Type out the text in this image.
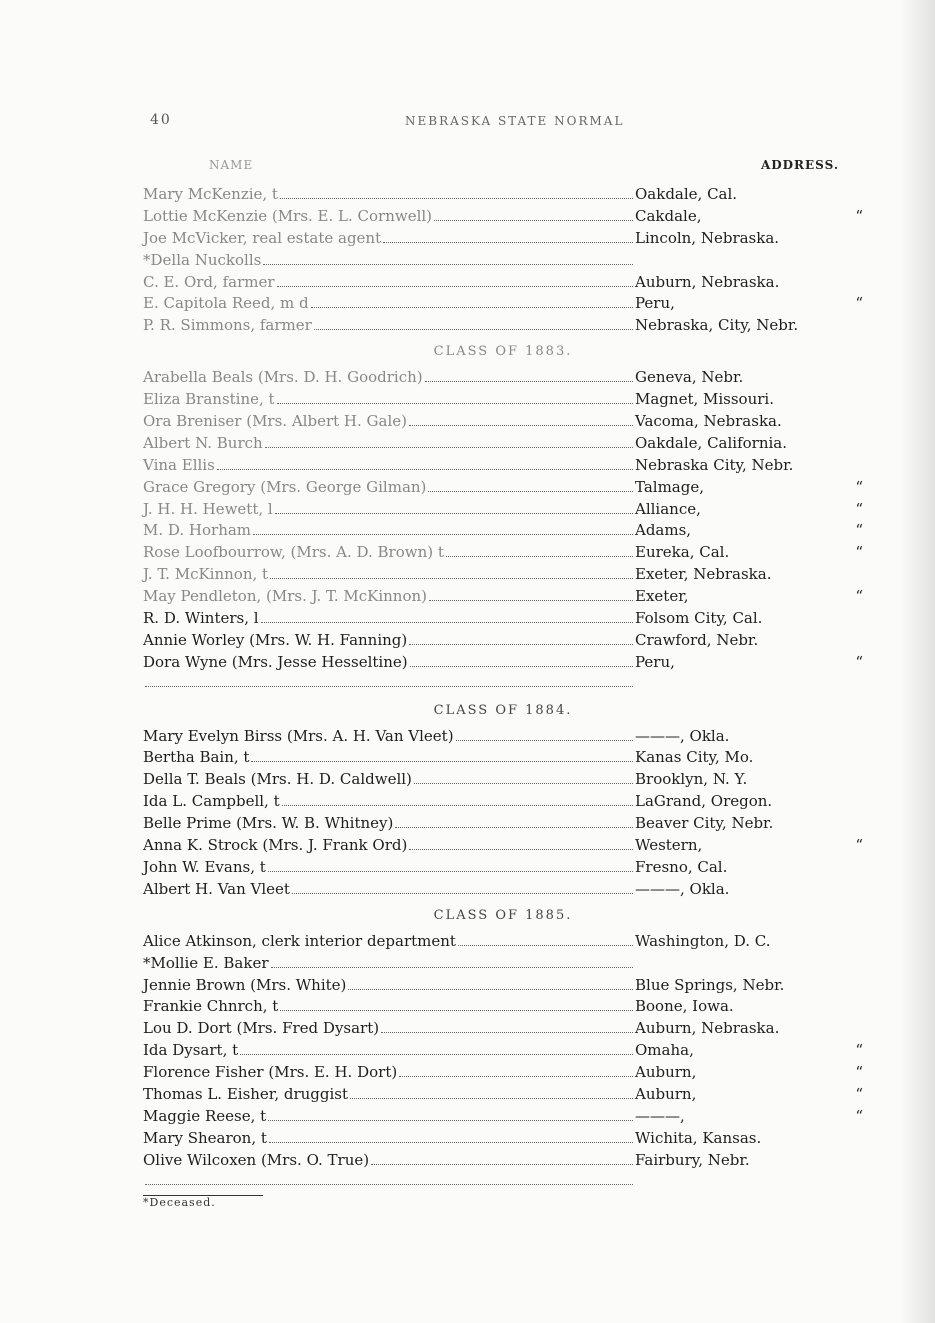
40	NEBRASKA STATE NORMAL
NAME	ADDRESS.
Mary McKenzie, t	Oakdale, Cal.
Lottie McKenzie (Mrs. E. L. Cornwell)	Cakdale,	“
Joe McVicker, real estate agent	Lincoln, Nebraska.
*Della Nuckolls
C. E. Ord, farmer	Auburn, Nebraska.
E. Capitola Reed, m d	Peru,	“
P. R. Simmons, farmer	Nebraska, City, Nebr.
CLASS OF 1883.
Arabella Beals (Mrs. D. H. Goodrich)	Geneva, Nebr.
Eliza Branstine, t	Magnet, Missouri.
Ora Breniser (Mrs. Albert H. Gale)	Vacoma, Nebraska.
Albert N. Burch	Oakdale, California.
Vina Ellis	Nebraska City, Nebr.
Grace Gregory (Mrs. George Gilman)	Talmage,	“
J. H. H. Hewett, l	Alliance,	“
M. D. Horham	Adams,	“
Rose Loofbourrow, (Mrs. A. D. Brown) t	Eureka, Cal.	“
J. T. McKinnon, t	Exeter, Nebraska.
May Pendleton, (Mrs. J. T. McKinnon)	Exeter,	“
R. D. Winters, l	Folsom City, Cal.
Annie Worley (Mrs. W. H. Fanning)	Crawford, Nebr.
Dora Wyne (Mrs. Jesse Hesseltine)	Peru,	“
CLASS OF 1884.
Mary Evelyn Birss (Mrs. A. H. Van Vleet)	———, Okla.
Bertha Bain, t	Kanas City, Mo.
Della T. Beals (Mrs. H. D. Caldwell)	Brooklyn, N. Y.
Ida L. Campbell, t	LaGrand, Oregon.
Belle Prime (Mrs. W. B. Whitney)	Beaver City, Nebr.
Anna K. Strock (Mrs. J. Frank Ord)	Western,	“
John W. Evans, t	Fresno, Cal.
Albert H. Van Vleet	———, Okla.
CLASS OF 1885.
Alice Atkinson, clerk interior department	Washington, D. C.
*Mollie E. Baker
Jennie Brown (Mrs. White)	Blue Springs, Nebr.
Frankie Chnrch, t	Boone, Iowa.
Lou D. Dort (Mrs. Fred Dysart)	Auburn, Nebraska.
Ida Dysart, t	Omaha,	“
Florence Fisher (Mrs. E. H. Dort)	Auburn,	“
Thomas L. Eisher, druggist	Auburn,	“
Maggie Reese, t	———,	“
Mary Shearon, t	Wichita, Kansas.
Olive Wilcoxen (Mrs. O. True)	Fairbury, Nebr.
*Deceased.
